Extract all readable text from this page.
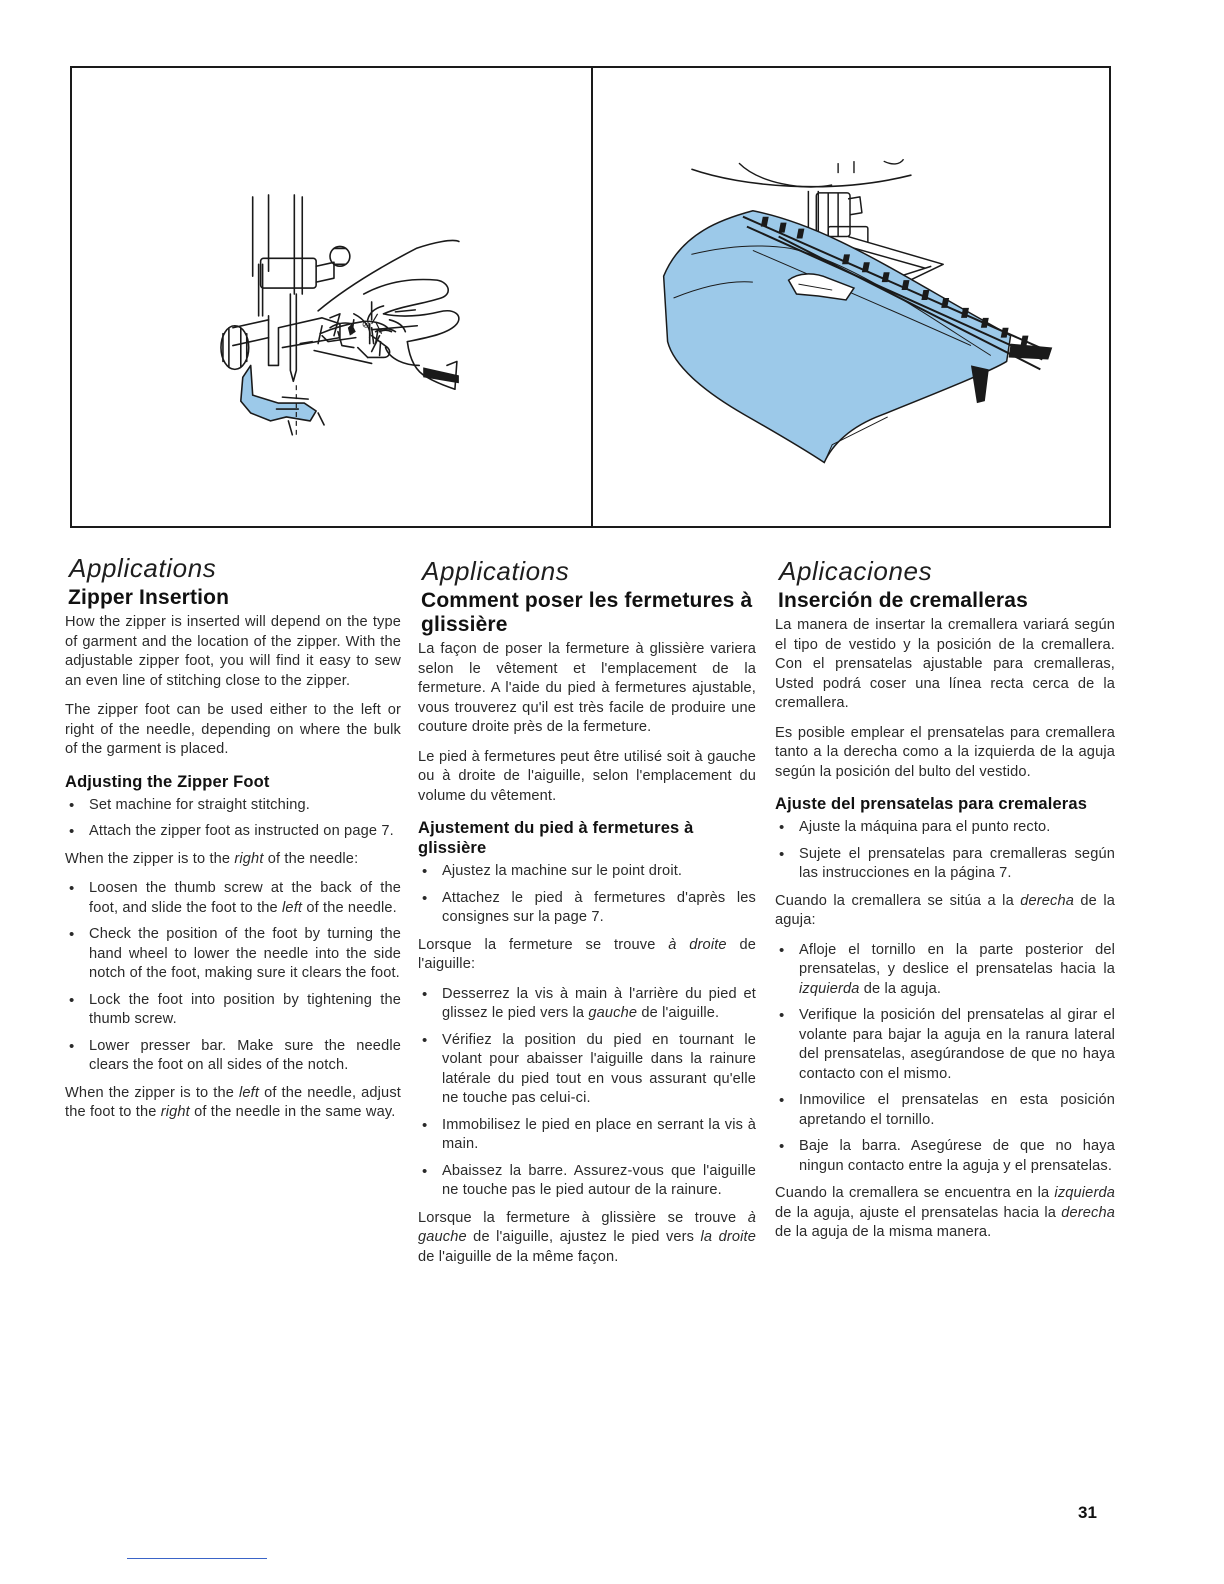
⊘
Applications
Zipper Insertion

How the zipper is inserted will depend on the type of garment and the location of the zipper. With the adjustable zipper foot, you will find it easy to sew an even line of stitching close to the zipper.

The zipper foot can be used either to the left or right of the needle, depending on where the bulk of the garment is placed.

Adjusting the Zipper Foot
• Set machine for straight stitching.
• Attach the zipper foot as instructed on page 7.

When the zipper is to the right of the needle:

• Loosen the thumb screw at the back of the foot, and slide the foot to the left of the needle.
• Check the position of the foot by turning the hand wheel to lower the needle into the side notch of the foot, making sure it clears the foot.
• Lock the foot into position by tightening the thumb screw.
• Lower presser bar. Make sure the needle clears the foot on all sides of the notch.

When the zipper is to the left of the needle, adjust the foot to the right of the needle in the same way.

Applications
Comment poser les fermetures à glissière

La façon de poser la fermeture à glissière variera selon le vêtement et l'emplacement de la fermeture. A l'aide du pied à fermetures ajustable, vous trouverez qu'il est très facile de produire une couture droite près de la fermeture.

Le pied à fermetures peut être utilisé soit à gauche ou à droite de l'aiguille, selon l'emplacement du volume du vêtement.

Ajustement du pied à fermetures à glissière
• Ajustez la machine sur le point droit.
• Attachez le pied à fermetures d'après les consignes sur la page 7.

Lorsque la fermeture se trouve à droite de l'aiguille:

• Desserrez la vis à main à l'arrière du pied et glissez le pied vers la gauche de l'aiguille.
• Vérifiez la position du pied en tournant le volant pour abaisser l'aiguille dans la rainure latérale du pied tout en vous assurant qu'elle ne touche pas celui-ci.
• Immobilisez le pied en place en serrant la vis à main.
• Abaissez la barre. Assurez-vous que l'aiguille ne touche pas le pied autour de la rainure.

Lorsque la fermeture à glissière se trouve à gauche de l'aiguille, ajustez le pied vers la droite de l'aiguille de la même façon.

Aplicaciones
Inserción de cremalleras

La manera de insertar la cremallera variará según el tipo de vestido y la posición de la cremallera. Con el prensatelas ajustable para cremalleras, Usted podrá coser una línea recta cerca de la cremallera.

Es posible emplear el prensatelas para cremallera tanto a la derecha como a la izquierda de la aguja según la posición del bulto del vestido.

Ajuste del prensatelas para cremaleras
• Ajuste la máquina para el punto recto.
• Sujete el prensatelas para cremalleras según las instrucciones en la página 7.

Cuando la cremallera se sitúa a la derecha de la aguja:

• Afloje el tornillo en la parte posterior del prensatelas, y deslice el prensatelas hacia la izquierda de la aguja.
• Verifique la posición del prensatelas al girar el volante para bajar la aguja en la ranura lateral del prensatelas, asegúrandose de que no haya contacto con el mismo.
• Inmovilice el prensatelas en esta posición apretando el tornillo.
• Baje la barra. Asegúrese de que no haya ningun contacto entre la aguja y el prensatelas.

Cuando la cremallera se encuentra en la izquierda de la aguja, ajuste el prensatelas hacia la derecha de la aguja de la misma manera.

31
